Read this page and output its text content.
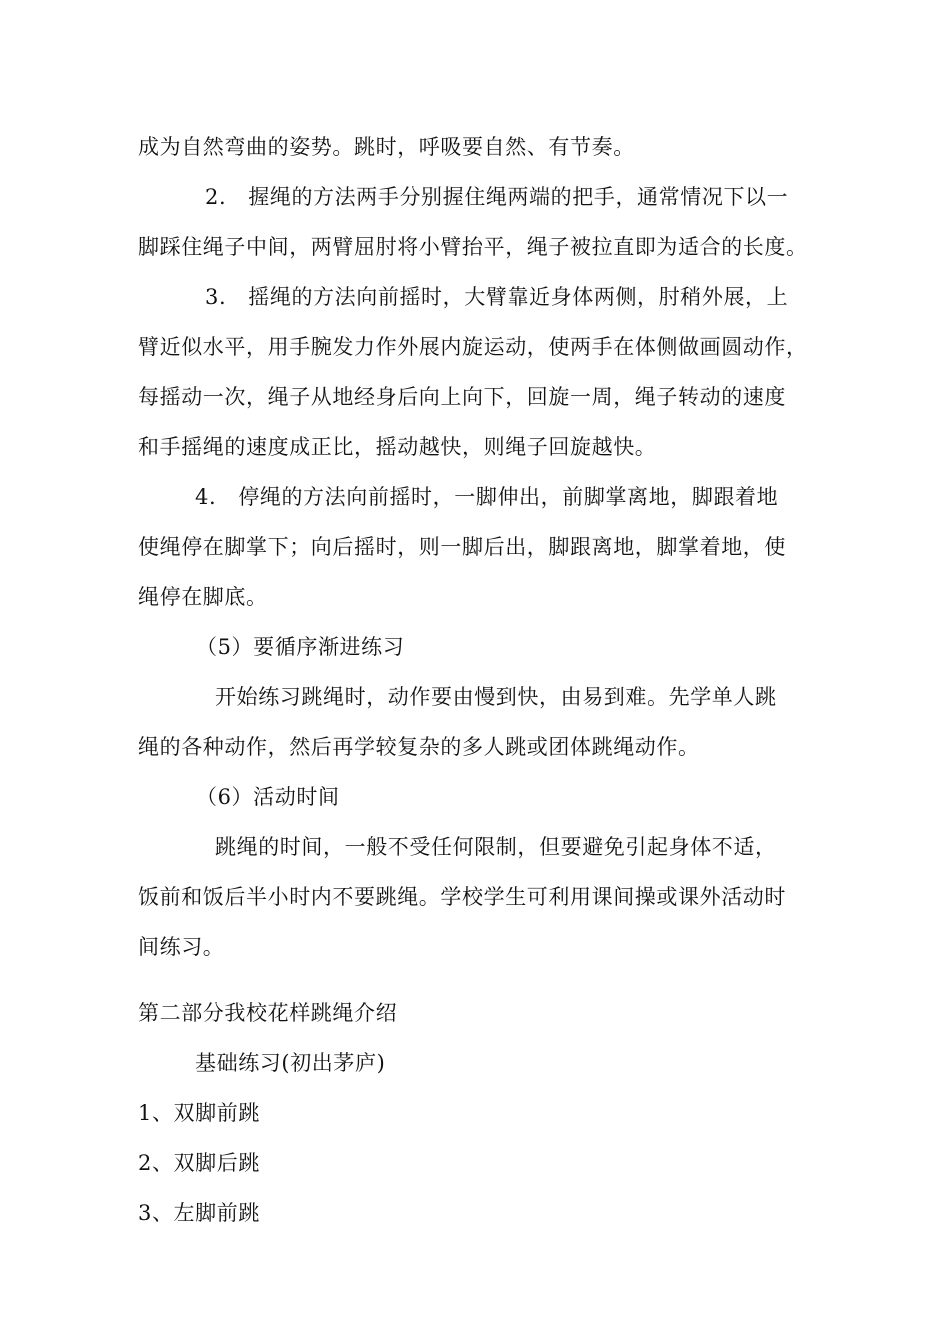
成为自然弯曲的姿势。跳时，呼吸要自然、有节奏。
2. 握绳的方法两手分别握住绳两端的把手，通常情况下以一
脚踩住绳子中间，两臂屈肘将小臂抬平，绳子被拉直即为适合的长度。
3. 摇绳的方法向前摇时，大臂靠近身体两侧，肘稍外展，上
臂近似水平，用手腕发力作外展内旋运动，使两手在体侧做画圆动作，
每摇动一次，绳子从地经身后向上向下，回旋一周，绳子转动的速度
和手摇绳的速度成正比，摇动越快，则绳子回旋越快。
4. 停绳的方法向前摇时，一脚伸出，前脚掌离地，脚跟着地
使绳停在脚掌下；向后摇时，则一脚后出，脚跟离地，脚掌着地，使
绳停在脚底。
（5）要循序渐进练习
开始练习跳绳时，动作要由慢到快，由易到难。先学单人跳
绳的各种动作，然后再学较复杂的多人跳或团体跳绳动作。
（6）活动时间
跳绳的时间，一般不受任何限制，但要避免引起身体不适，
饭前和饭后半小时内不要跳绳。学校学生可利用课间操或课外活动时
间练习。
第二部分我校花样跳绳介绍
基础练习(初出茅庐)
1、双脚前跳
2、双脚后跳
3、左脚前跳
